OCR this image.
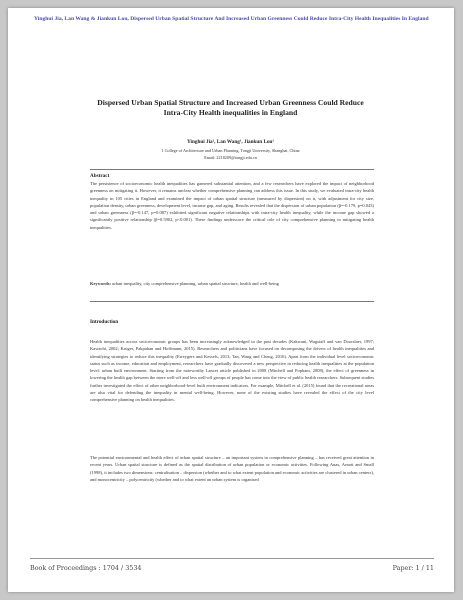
Yinghui Jia, Lan Wang & Jiankun Lou, Dispersed Urban Spatial Structure And Increased Urban Greenness Could Reduce Intra-City Health Inequalities In England
Dispersed Urban Spatial Structure and Increased Urban Greenness Could Reduce Intra-City Health inequalities in England
Yinghui Jia¹, Lan Wang¹, Jiankun Lou¹
1 College of Architecture and Urban Planning, Tongji University, Shanghai, China
Email: 2218209@tongji.edu.cn
Abstract

The persistence of socioeconomic health inequalities has garnered substantial attention, and a few researchers have explored the impact of neighborhood greenness on mitigating it. However, it remains unclear whether comprehensive planning can address this issue. In this study, we evaluated intra-city health inequality in 105 cities in England and examined the impact of urban spatial structure (measured by dispersion) on it, with adjustment for city size, population density, urban greenness, development level, income gap, and aging. Results revealed that the dispersion of urban population (β=-0.179, p=0.043) and urban greenness (β=-0.147, p=0.087) exhibited significant negative relationships with intra-city health inequality, while the income gap showed a significantly positive relationship (β=0.5902, p<0.001). These findings underscore the critical role of city comprehensive planning in mitigating health inequalities.

Keywords: urban inequality, city comprehensive planning, urban spatial structure, health and well-being

Introduction

Health inequalities across socioeconomic groups has been increasingly acknowledged in the past decades (Kakwani, Wagstaff and van Doorslaer, 1997; Kawachi, 2002; Krüger, Pakpahan and Hoffmann, 2015). Researchers and politicians have focused on decomposing the drivers of health inequalities and identifying strategies to reduce this inequality (Erreygers and Kessels, 2013; Tan, Wang and Cheng, 2016). Apart from the individual level socioeconomic status such as income, education and employment, researchers have gradually discovered a new perspective in reducing health inequalities at the population level: urban built environment. Starting from the noteworthy Lancet article published in 2008 (Mitchell and Popham, 2008), the effect of greenness in lowering the health gap between the more well-off and less well-off groups of people has come into the view of public health researchers. Subsequent studies further investigated the effect of other neighborhood-level built environment indicators. For example, Mitchell et al. (2015) found that the recreational areas are also vital for defending the inequality in mental well-being. However, none of the existing studies have revealed the effect of the city level comprehensive planning on health inequalities.

The potential environmental and health effect of urban spatial structure – an important system in comprehensive planning – has received great attention in recent years. Urban spatial structure is defined as the spatial distribution of urban population or economic activities. Following Anas, Arnott and Small (1998), it includes two dimensions: centralisation – dispersion (whether and to what extent population and economic activities are clustered in urban centers), and monocentricity – polycentricity (whether and to what extent an urban system is organised

Book of Proceedings : 1704 / 3534	Paper: 1 / 11
